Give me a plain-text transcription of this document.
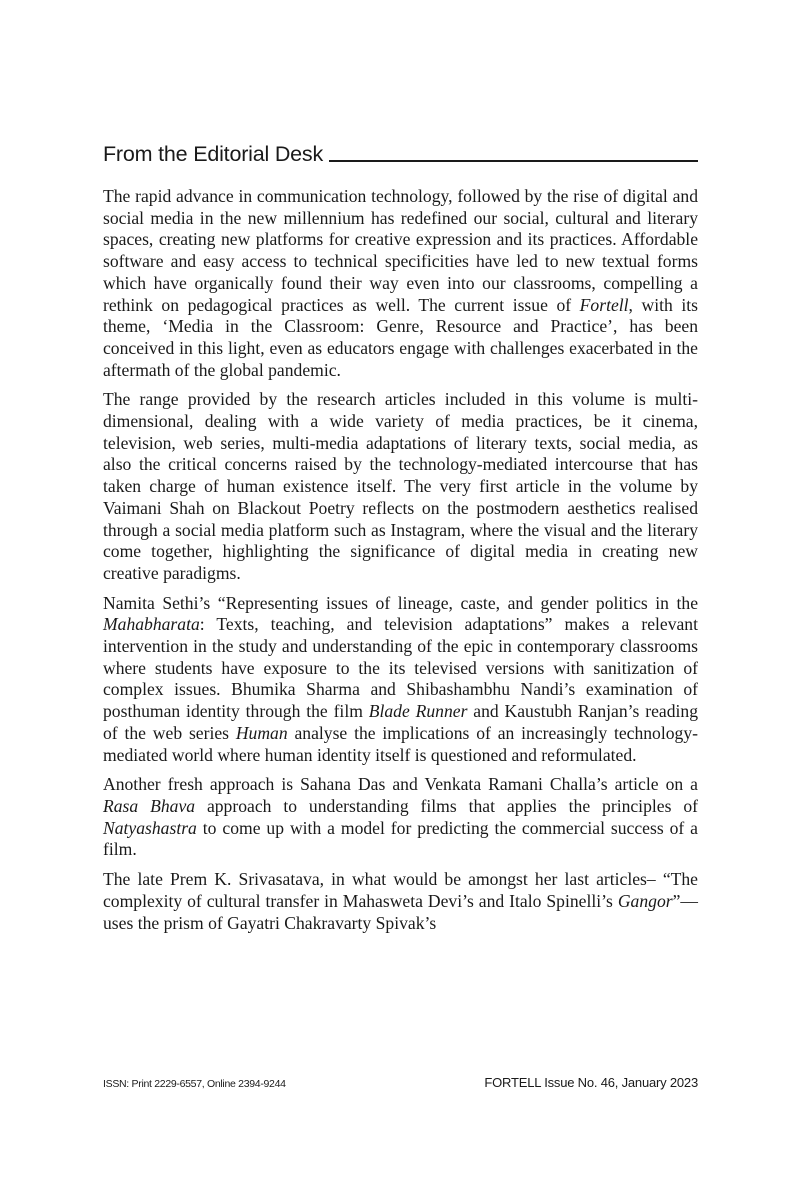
From the Editorial Desk

The rapid advance in communication technology, followed by the rise of digital and social media in the new millennium has redefined our social, cultural and literary spaces, creating new platforms for creative expression and its practices. Affordable software and easy access to technical specificities have led to new textual forms which have organically found their way even into our classrooms, compelling a rethink on pedagogical practices as well. The current issue of Fortell, with its theme, ‘Media in the Classroom: Genre, Resource and Practice’, has been conceived in this light, even as educators engage with challenges exacerbated in the aftermath of the global pandemic.

The range provided by the research articles included in this volume is multi-dimensional, dealing with a wide variety of media practices, be it cinema, television, web series, multi-media adaptations of literary texts, social media, as also the critical concerns raised by the technology-mediated intercourse that has taken charge of human existence itself. The very first article in the volume by Vaimani Shah on Blackout Poetry reflects on the postmodern aesthetics realised through a social media platform such as Instagram, where the visual and the literary come together, highlighting the significance of digital media in creating new creative paradigms.

Namita Sethi’s “Representing issues of lineage, caste, and gender politics in the Mahabharata: Texts, teaching, and television adaptations” makes a relevant intervention in the study and understanding of the epic in contemporary classrooms where students have exposure to the its televised versions with sanitization of complex issues. Bhumika Sharma and Shibashambhu Nandi’s examination of posthuman identity through the film Blade Runner and Kaustubh Ranjan’s reading of the web series Human analyse the implications of an increasingly technology-mediated world where human identity itself is questioned and reformulated.

Another fresh approach is Sahana Das and Venkata Ramani Challa’s article on a Rasa Bhava approach to understanding films that applies the principles of Natyashastra to come up with a model for predicting the commercial success of a film.

The late Prem K. Srivasatava, in what would be amongst her last articles– “The complexity of cultural transfer in Mahasweta Devi’s and Italo Spinelli’s Gangor”—uses the prism of Gayatri Chakravarty Spivak’s

ISSN: Print 2229-6557, Online 2394-9244	FORTELL Issue No. 46, January 2023
